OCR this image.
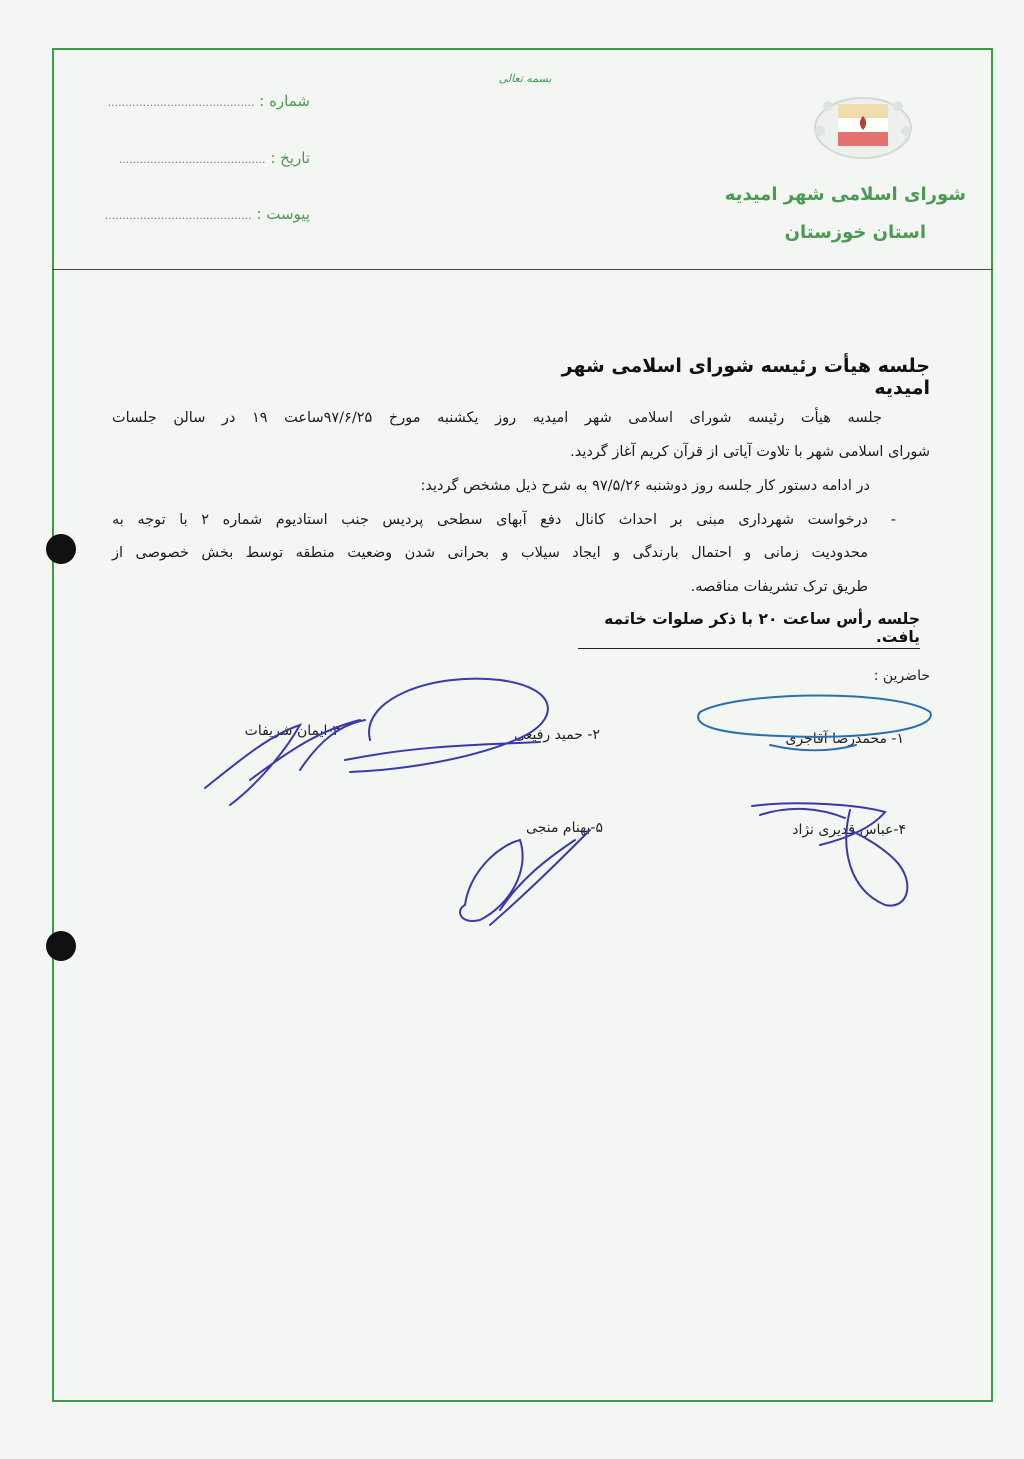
شماره : ..........................................
تاریخ : ..........................................
پیوست : ..........................................
بسمه تعالی
شورای اسلامی شهر امیدیه
استان خوزستان
جلسه هیأت رئیسه شورای اسلامی شهر امیدیه
جلسه هیأت رئیسه شورای اسلامی شهر امیدیه روز یکشنبه مورخ ۹۷/۶/۲۵ساعت ۱۹ در سالن جلسات
شورای اسلامی شهر با تلاوت آیاتی از قرآن کریم آغاز گردید.
در ادامه دستور کار جلسه روز دوشنبه ۹۷/۵/۲۶ به شرح ذیل مشخص گردید:
-
درخواست شهرداری مبنی بر احداث کانال دفع آبهای سطحی پردیس جنب استادیوم شماره ۲ با توجه به
محدودیت زمانی و احتمال بارندگی و ایجاد سیلاب و بحرانی شدن وضعیت منطقه توسط بخش خصوصی از
طریق ترک تشریفات مناقصه.
جلسه رأس ساعت ۲۰ با ذکر صلوات خاتمه یافت.
حاضرین :
۱- محمدرضا آقاجری
۲- حمید رفیعی
۳-ایمان شریفات
۴-عباس قدیری نژاد
۵-بهنام منجی
